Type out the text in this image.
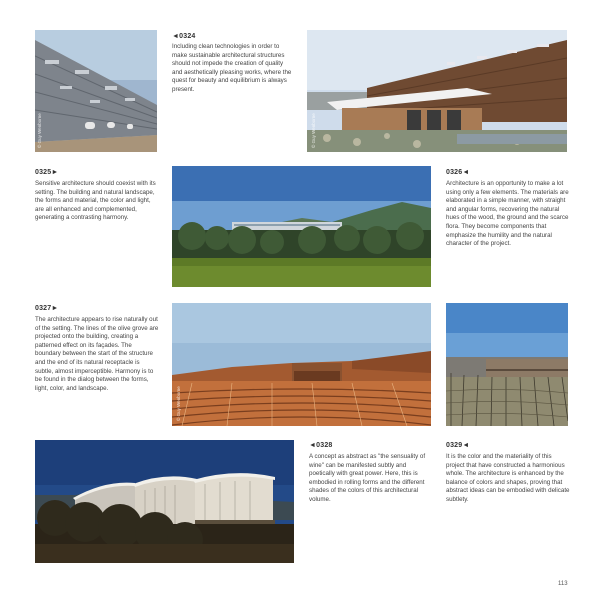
© Guy Wenborne
◄0324
Including clean technologies in order to make sustainable architectural structures should not impede the creation of quality and aesthetically pleasing works, where the quest for beauty and equilibrium is always present.
© Guy Wenborne
0325►
Sensitive architecture should coexist with its setting. The building and natural landscape, the forms and material, the color and light, are all enhanced and complemented, generating a contrasting harmony.
0326◄
Architecture is an opportunity to make a lot using only a few elements. The materials are elaborated in a simple manner, with straight and angular forms, recovering the natural hues of the wood, the ground and the scarce flora. They become components that emphasize the humility and the natural character of the project.
0327►
The architecture appears to rise naturally out of the setting. The lines of the olive grove are projected onto the building, creating a patterned effect on its façades. The boundary between the start of the structure and the end of its natural receptacle is subtle, almost imperceptible. Harmony is to be found in the dialog between the forms, light, color, and landscape.	© Guy Wenborne
◄0328
A concept as abstract as "the sensuality of wine" can be manifested subtly and poetically with great power. Here, this is embodied in rolling forms and the different shades of the colors of this architectural volume.
0329◄
It is the color and the materiality of this project that have constructed a harmonious whole. The architecture is enhanced by the balance of colors and shapes, proving that abstract ideas can be embodied with delicate subtlety.
113
